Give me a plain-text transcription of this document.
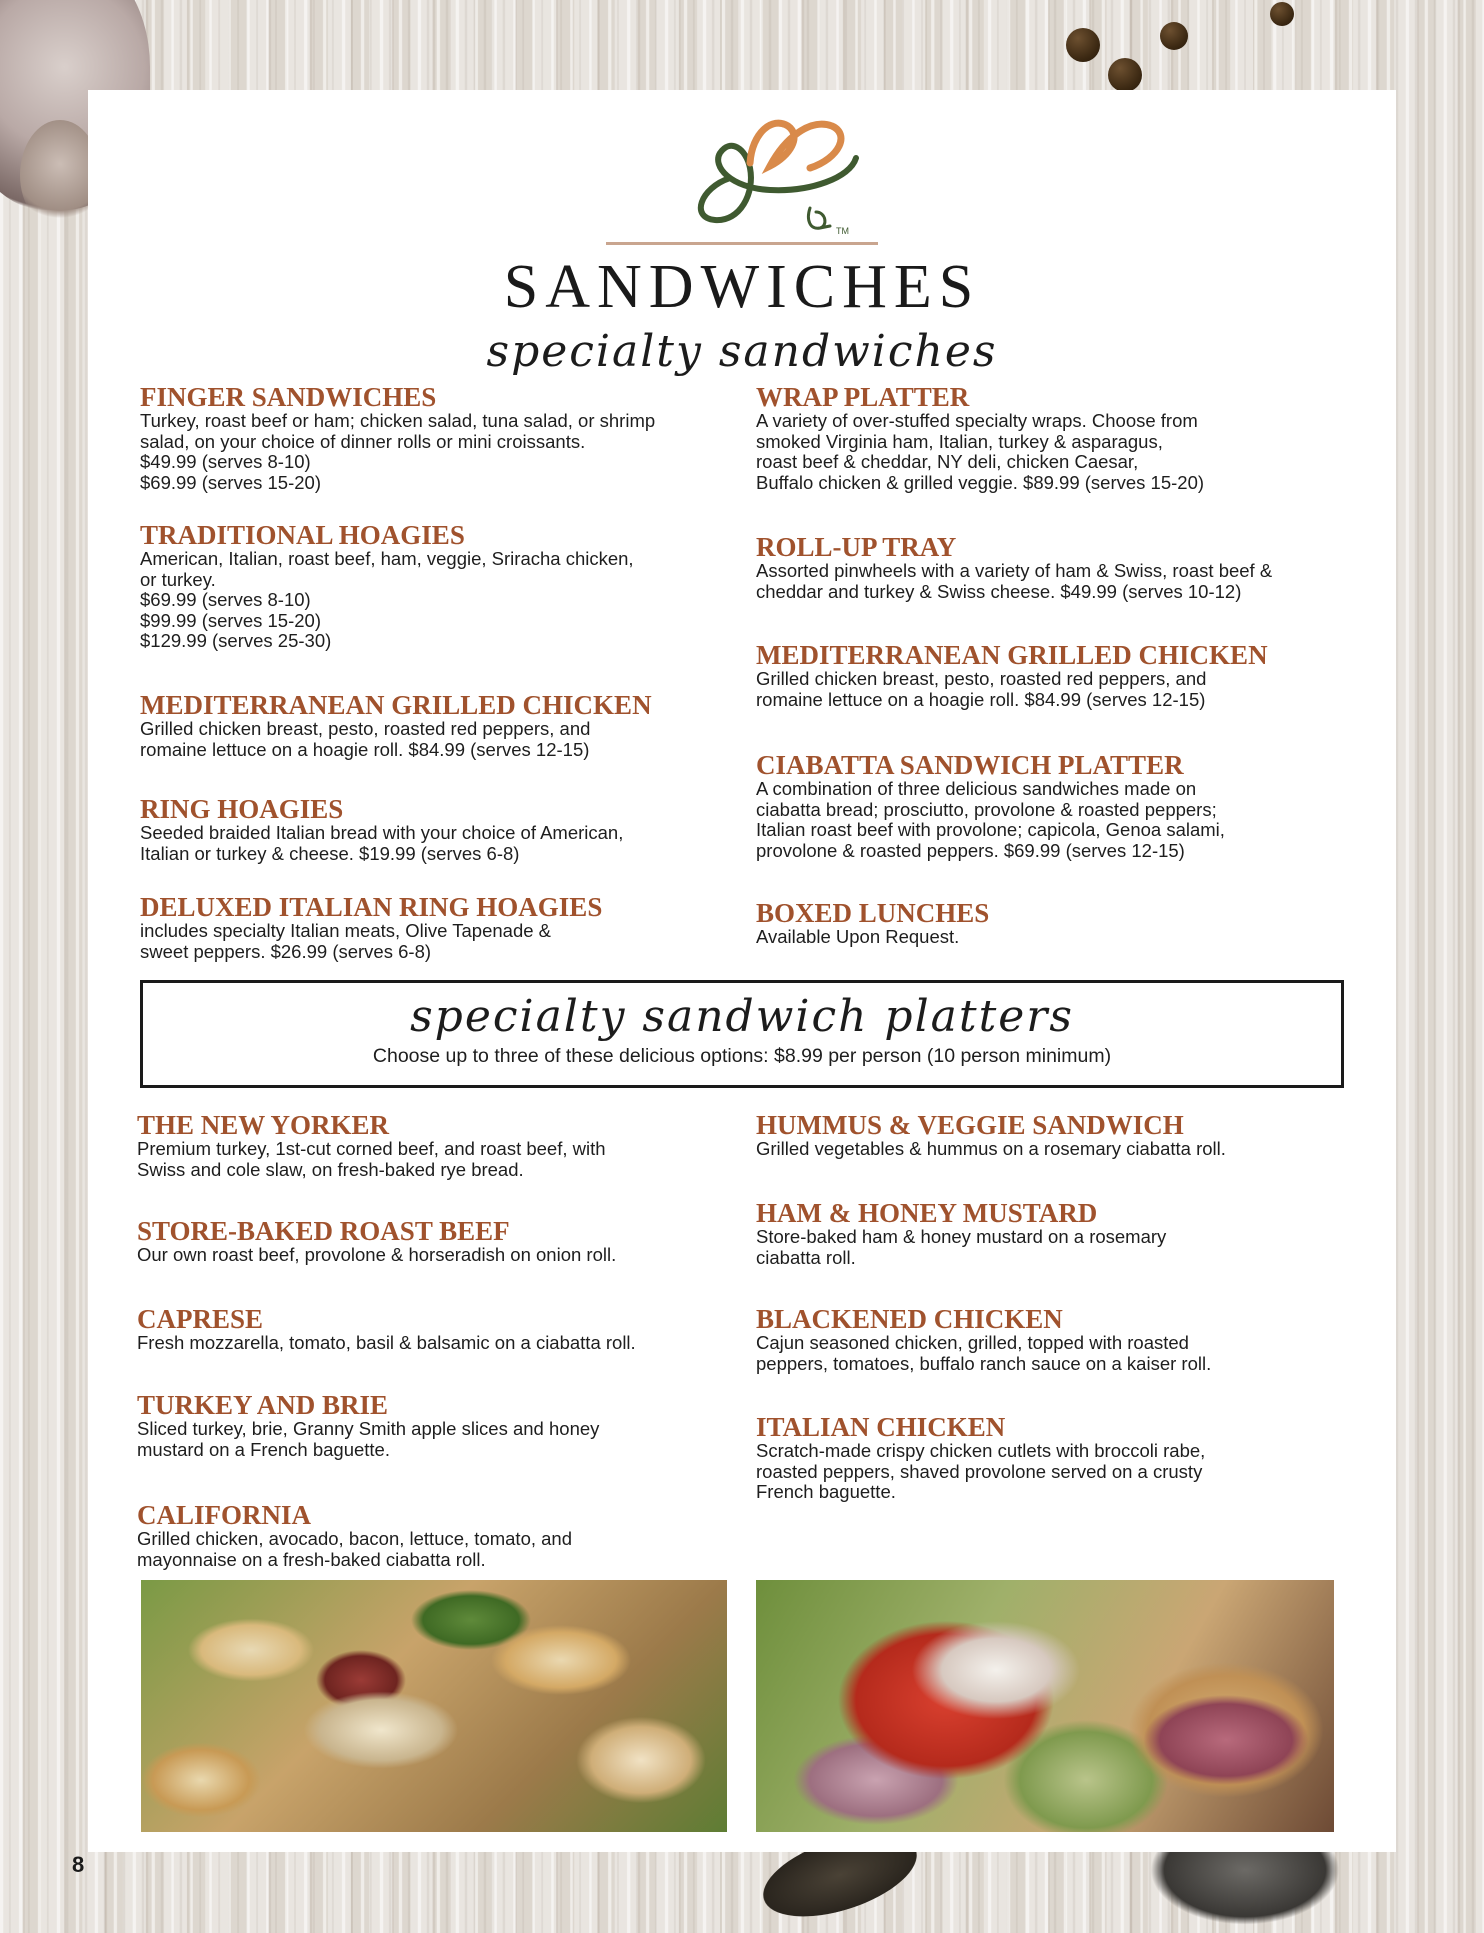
TM
SANDWICHES
specialty sandwiches
FINGER SANDWICHES
Turkey, roast beef or ham; chicken salad, tuna salad, or shrimp
salad, on your choice of dinner rolls or mini croissants.
$49.99 (serves 8-10)
$69.99 (serves 15-20)
TRADITIONAL HOAGIES
American, Italian, roast beef, ham, veggie, Sriracha chicken,
or turkey.
$69.99 (serves 8-10)
$99.99 (serves 15-20)
$129.99 (serves 25-30)
MEDITERRANEAN GRILLED CHICKEN
Grilled chicken breast, pesto, roasted red peppers, and
romaine lettuce on a hoagie roll. $84.99 (serves 12-15)
RING HOAGIES
Seeded braided Italian bread with your choice of American,
Italian or turkey & cheese. $19.99 (serves 6-8)
DELUXED ITALIAN RING HOAGIES
includes specialty Italian meats, Olive Tapenade &
sweet peppers. $26.99 (serves 6-8)
WRAP PLATTER
A variety of over-stuffed specialty wraps. Choose from
smoked Virginia ham, Italian, turkey & asparagus,
roast beef & cheddar, NY deli, chicken Caesar,
Buffalo chicken & grilled veggie. $89.99 (serves 15-20)
ROLL-UP TRAY
Assorted pinwheels with a variety of ham & Swiss, roast beef &
cheddar and turkey & Swiss cheese. $49.99 (serves 10-12)
MEDITERRANEAN GRILLED CHICKEN
Grilled chicken breast, pesto, roasted red peppers, and
romaine lettuce on a hoagie roll. $84.99 (serves 12-15)
CIABATTA SANDWICH PLATTER
A combination of three delicious sandwiches made on
ciabatta bread; prosciutto, provolone & roasted peppers;
Italian roast beef with provolone; capicola, Genoa salami,
provolone & roasted peppers. $69.99 (serves 12-15)
BOXED LUNCHES
Available Upon Request.
specialty sandwich platters
Choose up to three of these delicious options: $8.99 per person (10 person minimum)
THE NEW YORKER
Premium turkey, 1st-cut corned beef, and roast beef, with
Swiss and cole slaw, on fresh-baked rye bread.
STORE-BAKED ROAST BEEF
Our own roast beef, provolone & horseradish on onion roll.
CAPRESE
Fresh mozzarella, tomato, basil & balsamic on a ciabatta roll.
TURKEY AND BRIE
Sliced turkey, brie, Granny Smith apple slices and honey
mustard on a French baguette.
CALIFORNIA
Grilled chicken, avocado, bacon, lettuce, tomato, and
mayonnaise on a fresh-baked ciabatta roll.
HUMMUS & VEGGIE SANDWICH
Grilled vegetables & hummus on a rosemary ciabatta roll.
HAM & HONEY MUSTARD
Store-baked ham & honey mustard on a rosemary
ciabatta roll.
BLACKENED CHICKEN
Cajun seasoned chicken, grilled, topped with roasted
peppers, tomatoes, buffalo ranch sauce on a kaiser roll.
ITALIAN CHICKEN
Scratch-made crispy chicken cutlets with broccoli rabe,
roasted peppers, shaved provolone served on a crusty
French baguette.
8
